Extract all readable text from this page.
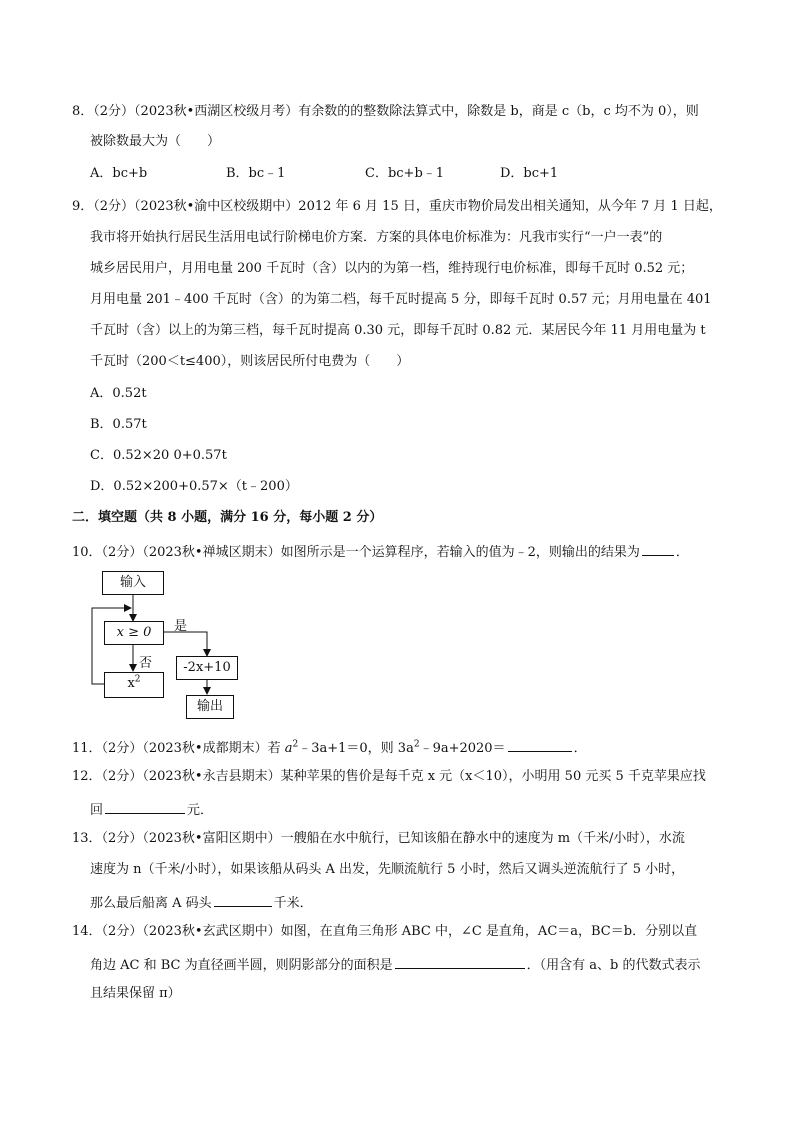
8．（2分）（2023秋•西湖区校级月考）有余数的的整数除法算式中，除数是 b，商是 c（b，c 均不为 0），则
被除数最大为（　　）
A．bc+b	B．bc﹣1	C．bc+b﹣1	D．bc+1
9．（2分）（2023秋•渝中区校级期中）2012 年 6 月 15 日，重庆市物价局发出相关通知，从今年 7 月 1 日起，
我市将开始执行居民生活用电试行阶梯电价方案．方案的具体电价标准为：凡我市实行“一户一表”的
城乡居民用户，月用电量 200 千瓦时（含）以内的为第一档，维持现行电价标准，即每千瓦时 0.52 元；
月用电量 201﹣400 千瓦时（含）的为第二档，每千瓦时提高 5 分，即每千瓦时 0.57 元；月用电量在 401
千瓦时（含）以上的为第三档，每千瓦时提高 0.30 元，即每千瓦时 0.82 元．某居民今年 11 月用电量为 t
千瓦时（200＜t≤400），则该居民所付电费为（　　）
A．0.52t
B．0.57t
C．0.52×20 0+0.57t
D．0.52×200+0.57×（t﹣200）
二．填空题（共 8 小题，满分 16 分，每小题 2 分）
10．（2分）（2023秋•禅城区期末）如图所示是一个运算程序，若输入的值为﹣2，则输出的结果为	．
输入
x ≥ 0	是
否	-2x+10
$x^2$
输出
11．（2分）（2023秋•成都期末）若 $a^2﹣3a+1=0$，则 $3a^2﹣9a+2020=$	．
12．（2分）（2023秋•永吉县期末）某种苹果的售价是每千克 x 元（x＜10），小明用 50 元买 5 千克苹果应找
回	元．
13．（2分）（2023秋•富阳区期中）一艘船在水中航行，已知该船在静水中的速度为 m（千米/小时），水流
速度为 n（千米/小时），如果该船从码头 A 出发，先顺流航行 5 小时，然后又调头逆流航行了 5 小时，
那么最后船离 A 码头	千米．
14．（2分）（2023秋•玄武区期中）如图，在直角三角形 ABC 中，∠C 是直角，AC＝a，BC＝b．分别以直
角边 AC 和 BC 为直径画半圆，则阴影部分的面积是	．（用含有 a、b 的代数式表示
且结果保留 π）
